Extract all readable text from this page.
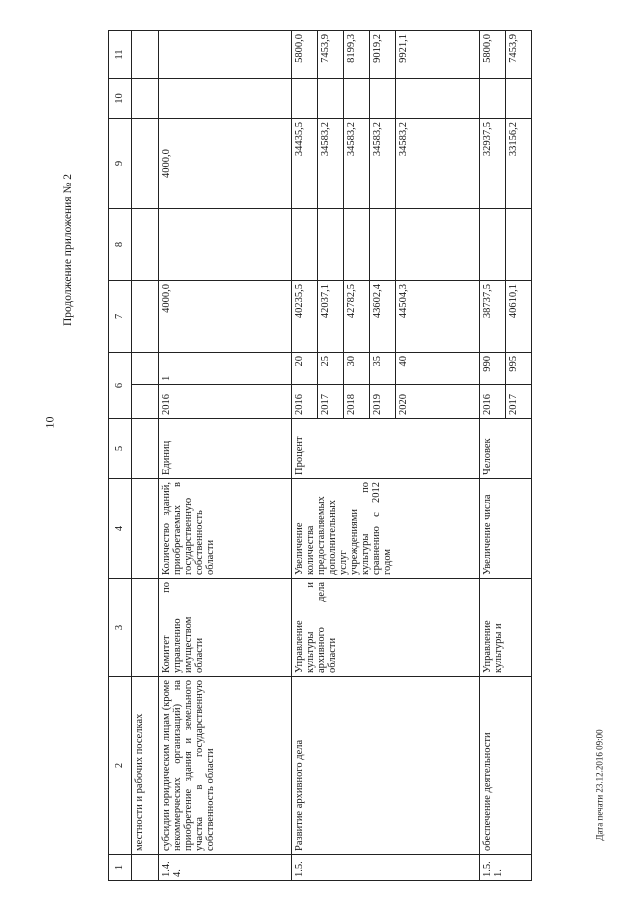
10
Продолжение приложения № 2
Дата печати 23.12.2016 09:00
1	2	3	4	5	6		7	8	9	10	11
	местности и рабочих поселках										
1.4.4.	субсидии юридическим лицам (кроме некоммерческих организаций) на приобретение здания и земельного участка в государственную собственность области	Комитет по управлению имуществом области	Количество зданий, приобретаемых в государственную собственность области	Единиц	2016	1	4000,0		4000,0		
1.5.	Развитие архивного дела	Управление культуры и архивного дела области	Увеличение количества предоставляемых дополнительных услуг учреждениями культуры по сравнению с 2012 годом	Процент	2016	20	40235,5		34435,5		5800,0
					2017	25	42037,1		34583,2		7453,9
					2018	30	42782,5		34583,2		8199,3
					2019	35	43602,4		34583,2		9019,2
					2020	40	44504,3		34583,2		9921,1
1.5.1.	обеспечение деятельности	Управление культуры и	Увеличение числа	Человек	2016	990	38737,5		32937,5		5800,0
					2017	995	40610,1		33156,2		7453,9
